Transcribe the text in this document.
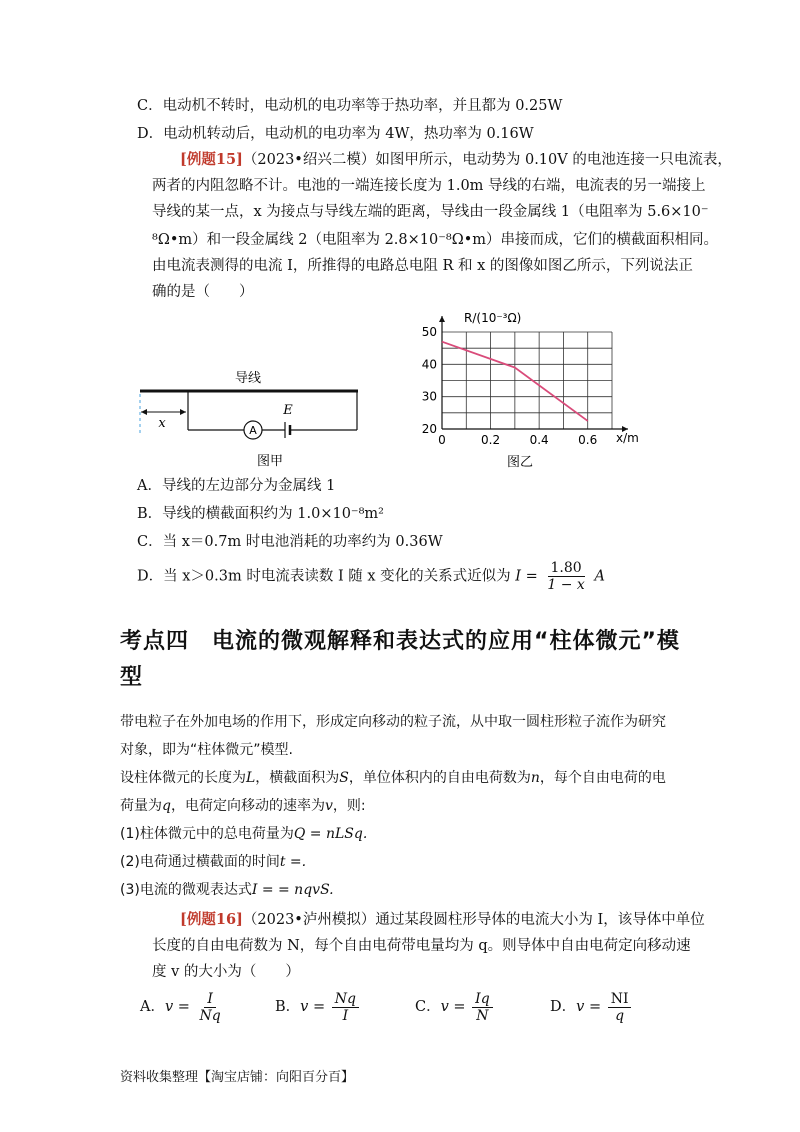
C．电动机不转时，电动机的电功率等于热功率，并且都为 0.25W
D．电动机转动后，电动机的电功率为 4W，热功率为 0.16W
[例题15]（2023•绍兴二模）如图甲所示，电动势为 0.10V 的电池连接一只电流表，
两者的内阻忽略不计。电池的一端连接长度为 1.0m 导线的右端，电流表的另一端接上
导线的某一点，x 为接点与导线左端的距离，导线由一段金属线 1（电阻率为 5.6×10⁻
⁸Ω•m）和一段金属线 2（电阻率为 2.8×10⁻⁸Ω•m）串接而成，它们的横截面积相同。
由电流表测得的电流 I，所推得的电路总电阻 R 和 x 的图像如图乙所示，下列说法正
确的是（　　）
导线
x	A
E
图甲
R/(10⁻³Ω)
x/m
图乙
20
30
40
50
0	0.2 0.4 0.6
A．导线的左边部分为金属线 1
B．导线的横截面积约为 1.0×10⁻⁸m²
C．当 x＝0.7m 时电池消耗的功率约为 0.36W
D．当 x＞0.3m 时电流表读数 I 随 x 变化的关系式近似为 $I = \frac{1.80}{1 - x}$ A
考点四　电流的微观解释和表达式的应用“柱体微元”模
型
带电粒子在外加电场的作用下，形成定向移动的粒子流，从中取一圆柱形粒子流作为研究
对象，即为“柱体微元”模型.
设柱体微元的长度为L，横截面积为S，单位体积内的自由电荷数为n，每个自由电荷的电
荷量为q，电荷定向移动的速率为v，则:
(1)柱体微元中的总电荷量为Q = nLSq.
(2)电荷通过横截面的时间t =.
(3)电流的微观表达式I = = nqvS.
[例题16]（2023•泸州模拟）通过某段圆柱形导体的电流大小为 I，该导体中单位
长度的自由电荷数为 N，每个自由电荷带电量均为 q。则导体中自由电荷定向移动速
度 v 的大小为（　　）
A．$v = \frac{I}{Nq}$	B．$v = \frac{Nq}{I}$	C．$v = \frac{Iq}{N}$	D．$v = \frac{NI}{q}$
资料收集整理【淘宝店铺：向阳百分百】
